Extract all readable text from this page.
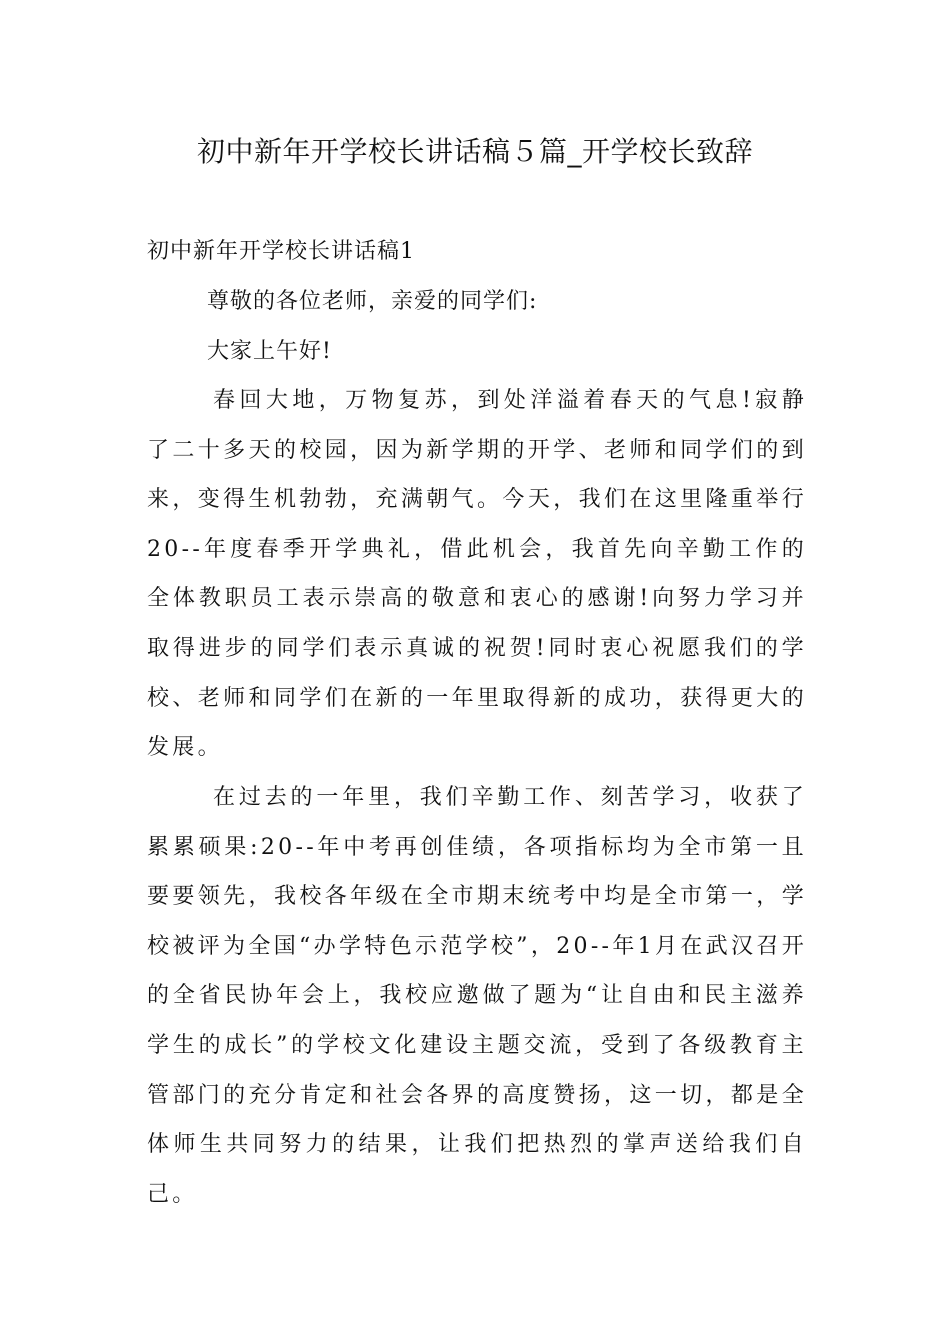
初中新年开学校长讲话稿５篇_开学校长致辞
初中新年开学校长讲话稿1

尊敬的各位老师，亲爱的同学们:

大家上午好!

春回大地，万物复苏，到处洋溢着春天的气息!寂静了二十多天的校园，因为新学期的开学、老师和同学们的到来，变得生机勃勃，充满朝气。今天，我们在这里隆重举行20--年度春季开学典礼，借此机会，我首先向辛勤工作的全体教职员工表示崇高的敬意和衷心的感谢!向努力学习并取得进步的同学们表示真诚的祝贺!同时衷心祝愿我们的学校、老师和同学们在新的一年里取得新的成功，获得更大的发展。

在过去的一年里，我们辛勤工作、刻苦学习，收获了累累硕果:20--年中考再创佳绩，各项指标均为全市第一且要要领先，我校各年级在全市期末统考中均是全市第一，学校被评为全国“办学特色示范学校”，20--年1月在武汉召开的全省民协年会上，我校应邀做了题为“让自由和民主滋养学生的成长”的学校文化建设主题交流，受到了各级教育主管部门的充分肯定和社会各界的高度赞扬，这一切，都是全体师生共同努力的结果，让我们把热烈的掌声送给我们自己。
